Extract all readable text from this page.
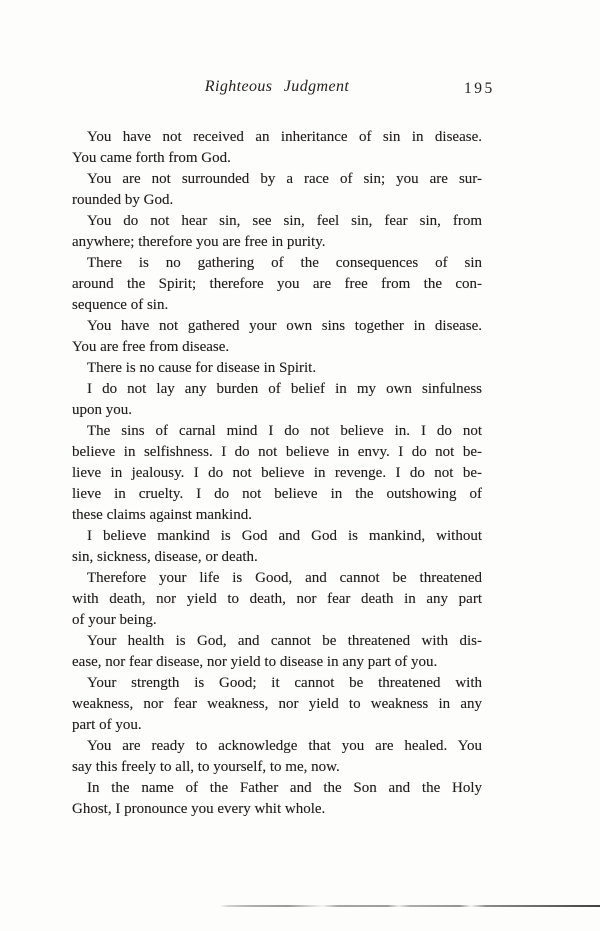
Righteous Judgment	195

You have not received an inheritance of sin in disease.
You came forth from God.

You are not surrounded by a race of sin; you are sur-
rounded by God.

You do not hear sin, see sin, feel sin, fear sin, from
anywhere; therefore you are free in purity.

There is no gathering of the consequences of sin
around the Spirit; therefore you are free from the con-
sequence of sin.

You have not gathered your own sins together in disease.
You are free from disease.

There is no cause for disease in Spirit.

I do not lay any burden of belief in my own sinfulness
upon you.

The sins of carnal mind I do not believe in. I do not
believe in selfishness. I do not believe in envy. I do not be-
lieve in jealousy. I do not believe in revenge. I do not be-
lieve in cruelty. I do not believe in the outshowing of
these claims against mankind.

I believe mankind is God and God is mankind, without
sin, sickness, disease, or death.

Therefore your life is Good, and cannot be threatened
with death, nor yield to death, nor fear death in any part
of your being.

Your health is God, and cannot be threatened with dis-
ease, nor fear disease, nor yield to disease in any part of you.

Your strength is Good; it cannot be threatened with
weakness, nor fear weakness, nor yield to weakness in any
part of you.

You are ready to acknowledge that you are healed. You
say this freely to all, to yourself, to me, now.

In the name of the Father and the Son and the Holy
Ghost, I pronounce you every whit whole.
